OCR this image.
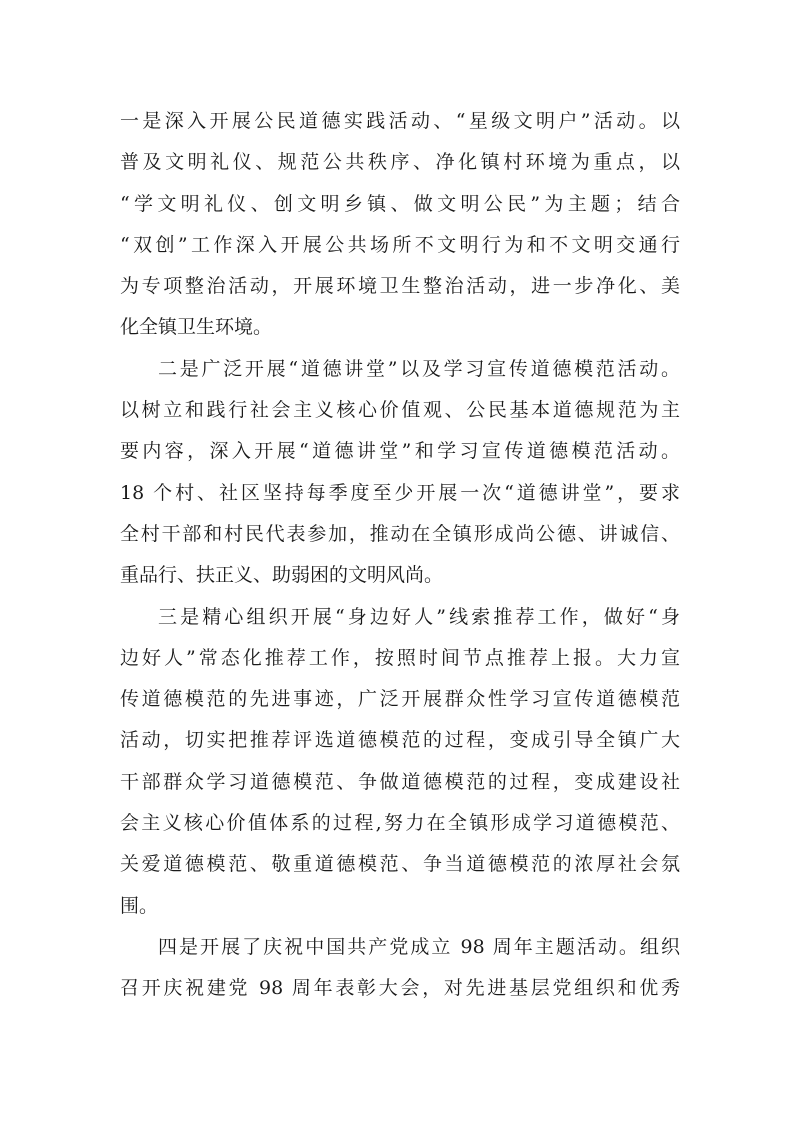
一是深入开展公民道德实践活动、“星级文明户”活动。以
普及文明礼仪、规范公共秩序、净化镇村环境为重点，以
“学文明礼仪、创文明乡镇、做文明公民”为主题；结合
“双创”工作深入开展公共场所不文明行为和不文明交通行
为专项整治活动，开展环境卫生整治活动，进一步净化、美
化全镇卫生环境。
二是广泛开展“道德讲堂”以及学习宣传道德模范活动。
以树立和践行社会主义核心价值观、公民基本道德规范为主
要内容，深入开展“道德讲堂”和学习宣传道德模范活动。
18 个村、社区坚持每季度至少开展一次“道德讲堂”，要求
全村干部和村民代表参加，推动在全镇形成尚公德、讲诚信、
重品行、扶正义、助弱困的文明风尚。
三是精心组织开展“身边好人”线索推荐工作，做好“身
边好人”常态化推荐工作，按照时间节点推荐上报。大力宣
传道德模范的先进事迹，广泛开展群众性学习宣传道德模范
活动，切实把推荐评选道德模范的过程，变成引导全镇广大
干部群众学习道德模范、争做道德模范的过程，变成建设社
会主义核心价值体系的过程,努力在全镇形成学习道德模范、
关爱道德模范、敬重道德模范、争当道德模范的浓厚社会氛
围。
四是开展了庆祝中国共产党成立 98 周年主题活动。组织
召开庆祝建党 98 周年表彰大会，对先进基层党组织和优秀
